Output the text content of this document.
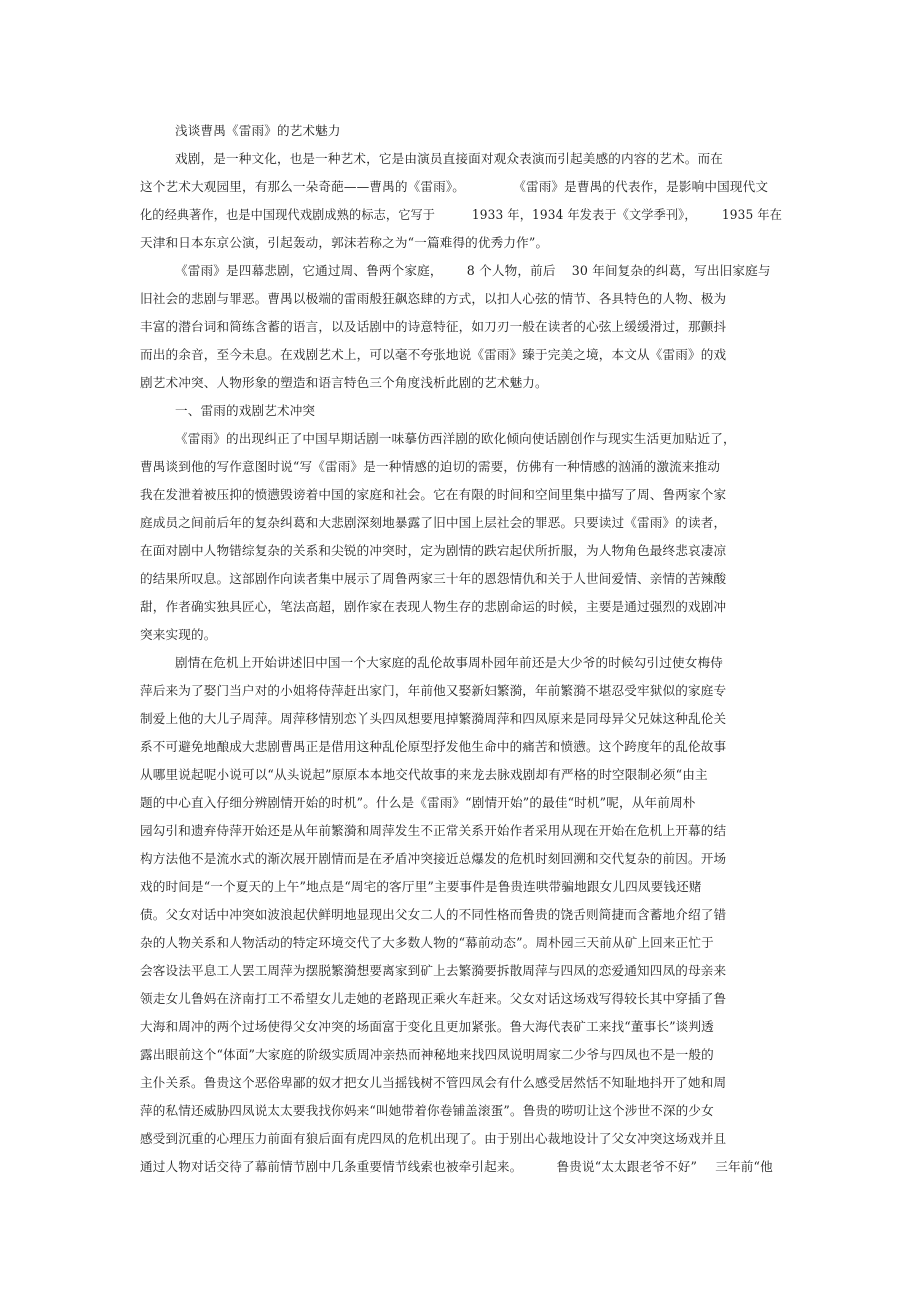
浅谈曹禺《雷雨》的艺术魅力
戏剧，是一种文化，也是一种艺术，它是由演员直接面对观众表演而引起美感的内容的艺术。而在
这个艺术大观园里，有那么一朵奇葩——曹禺的《雷雨》。	《雷雨》是曹禺的代表作，是影响中国现代文
化的经典著作，也是中国现代戏剧成熟的标志，它写于	1933 年，1934 年发表于《文学季刊》， 1935 年在
天津和日本东京公演，引起轰动，郭沫若称之为“一篇难得的优秀力作”。
《雷雨》是四幕悲剧，它通过周、鲁两个家庭， 8 个人物，前后 30 年间复杂的纠葛，写出旧家庭与
旧社会的悲剧与罪恶。曹禺以极端的雷雨般狂飙恣肆的方式，以扣人心弦的情节、各具特色的人物、极为
丰富的潜台词和简练含蓄的语言，以及话剧中的诗意特征，如刀刃一般在读者的心弦上缓缓滑过，那颤抖
而出的余音，至今未息。在戏剧艺术上，可以毫不夸张地说《雷雨》臻于完美之境，本文从《雷雨》的戏
剧艺术冲突、人物形象的塑造和语言特色三个角度浅析此剧的艺术魅力。
一、雷雨的戏剧艺术冲突
《雷雨》的出现纠正了中国早期话剧一味摹仿西洋剧的欧化倾向使话剧创作与现实生活更加贴近了，
曹禺谈到他的写作意图时说“写《雷雨》是一种情感的迫切的需要，仿佛有一种情感的汹涌的激流来推动
我在发泄着被压抑的愤懑毁谤着中国的家庭和社会。它在有限的时间和空间里集中描写了周、鲁两家个家
庭成员之间前后年的复杂纠葛和大悲剧深刻地暴露了旧中国上层社会的罪恶。只要读过《雷雨》的读者，
在面对剧中人物错综复杂的关系和尖锐的冲突时，定为剧情的跌宕起伏所折服，为人物角色最终悲哀凄凉
的结果所叹息。这部剧作向读者集中展示了周鲁两家三十年的恩怨情仇和关于人世间爱情、亲情的苦辣酸
甜，作者确实独具匠心，笔法高超，剧作家在表现人物生存的悲剧命运的时候，主要是通过强烈的戏剧冲
突来实现的。
剧情在危机上开始讲述旧中国一个大家庭的乱伦故事周朴园年前还是大少爷的时候勾引过使女梅侍
萍后来为了娶门当户对的小姐将侍萍赶出家门，年前他又娶新妇繁漪，年前繁漪不堪忍受牢狱似的家庭专
制爱上他的大儿子周萍。周萍移情别恋丫头四凤想要甩掉繁漪周萍和四凤原来是同母异父兄妹这种乱伦关
系不可避免地酿成大悲剧曹禺正是借用这种乱伦原型抒发他生命中的痛苦和愤懑。这个跨度年的乱伦故事
从哪里说起呢小说可以“从头说起”原原本本地交代故事的来龙去脉戏剧却有严格的时空限制必须“由主
题的中心直入仔细分辨剧情开始的时机”。什么是《雷雨》“剧情开始”的最佳“时机”呢，从年前周朴
园勾引和遗弃侍萍开始还是从年前繁漪和周萍发生不正常关系开始作者采用从现在开始在危机上开幕的结
构方法他不是流水式的渐次展开剧情而是在矛盾冲突接近总爆发的危机时刻回溯和交代复杂的前因。开场
戏的时间是“一个夏天的上午”地点是“周宅的客厅里”主要事件是鲁贵连哄带骗地跟女儿四凤要钱还赌
债。父女对话中冲突如波浪起伏鲜明地显现出父女二人的不同性格而鲁贵的饶舌则简捷而含蓄地介绍了错
杂的人物关系和人物活动的特定环境交代了大多数人物的“幕前动态”。周朴园三天前从矿上回来正忙于
会客设法平息工人罢工周萍为摆脱繁漪想要离家到矿上去繁漪要拆散周萍与四凤的恋爱通知四凤的母亲来
领走女儿鲁妈在济南打工不希望女儿走她的老路现正乘火车赶来。父女对话这场戏写得较长其中穿插了鲁
大海和周冲的两个过场使得父女冲突的场面富于变化且更加紧张。鲁大海代表矿工来找“董事长”谈判透
露出眼前这个“体面”大家庭的阶级实质周冲亲热而神秘地来找四凤说明周家二少爷与四凤也不是一般的
主仆关系。鲁贵这个恶俗卑鄙的奴才把女儿当摇钱树不管四凤会有什么感受居然恬不知耻地抖开了她和周
萍的私情还威胁四凤说太太要我找你妈来“叫她带着你卷铺盖滚蛋”。鲁贵的唠叨让这个涉世不深的少女
感受到沉重的心理压力前面有狼后面有虎四凤的危机出现了。由于别出心裁地设计了父女冲突这场戏并且
通过人物对话交待了幕前情节剧中几条重要情节线索也被牵引起来。	鲁贵说“太太跟老爷不好” 三年前“他
